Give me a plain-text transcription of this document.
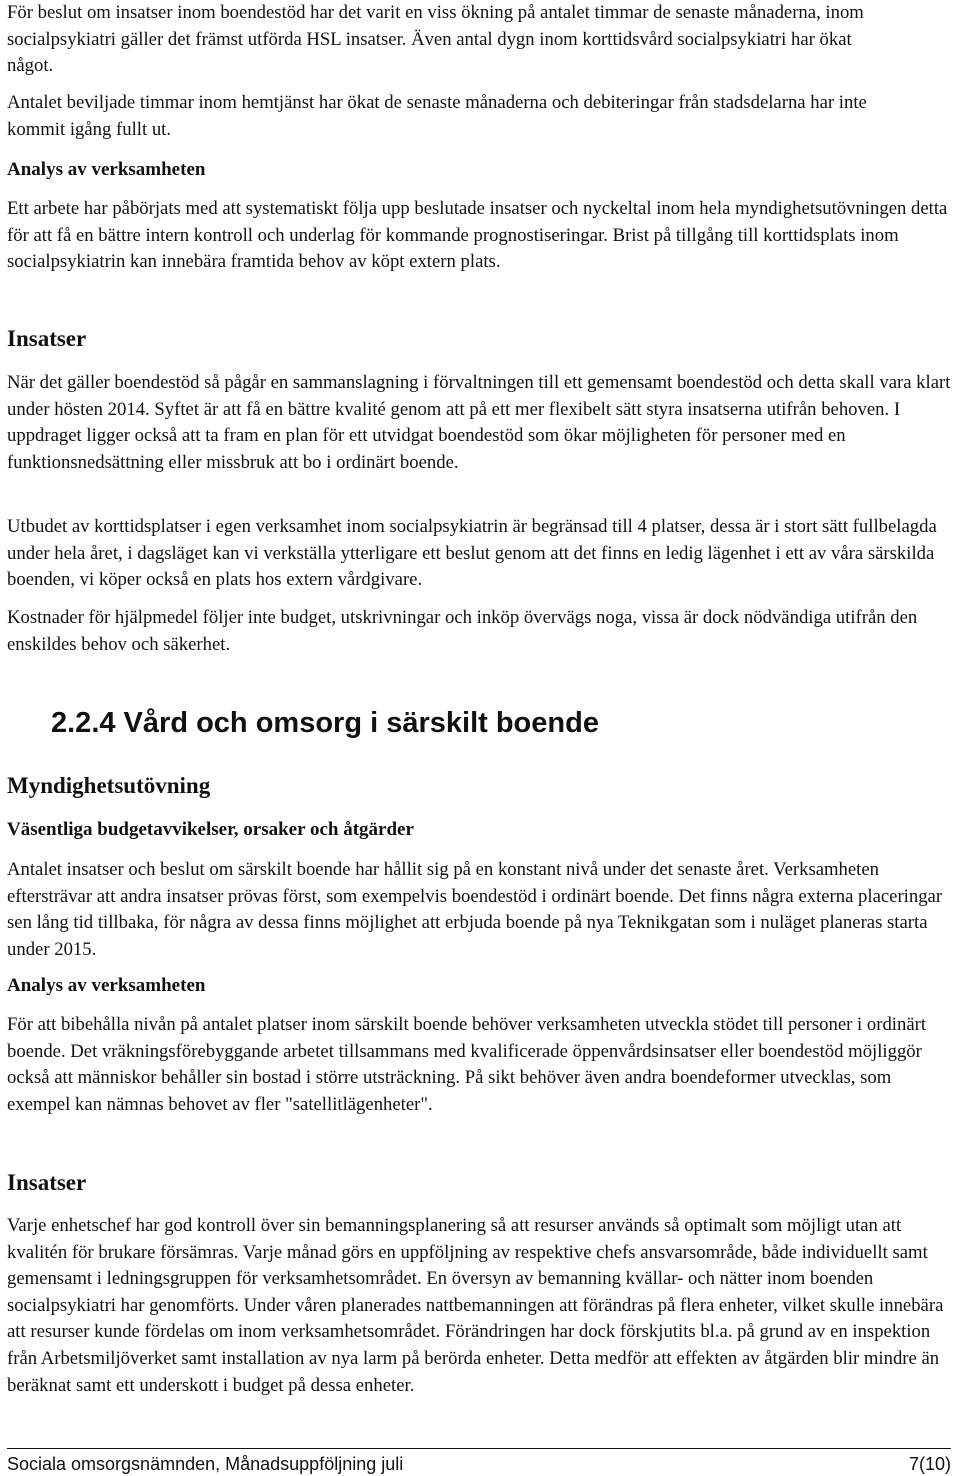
För beslut om insatser inom boendestöd har det varit en viss ökning på antalet timmar de senaste månaderna, inom socialpsykiatri gäller det främst utförda HSL insatser. Även antal dygn inom korttidsvård socialpsykiatri har ökat något.

Antalet beviljade timmar inom hemtjänst har ökat de senaste månaderna och debiteringar från stadsdelarna har inte kommit igång fullt ut.

Analys av verksamheten

Ett arbete har påbörjats med att systematiskt följa upp beslutade insatser och nyckeltal inom hela myndighetsutövningen detta för att få en bättre intern kontroll och underlag för kommande prognostiseringar. Brist på tillgång till korttidsplats inom socialpsykiatrin kan innebära framtida behov av köpt extern plats.

Insatser

När det gäller boendestöd så pågår en sammanslagning i förvaltningen till ett gemensamt boendestöd och detta skall vara klart under hösten 2014. Syftet är att få en bättre kvalité genom att på ett mer flexibelt sätt styra insatserna utifrån behoven. I uppdraget ligger också att ta fram en plan för ett utvidgat boendestöd som ökar möjligheten för personer med en funktionsnedsättning eller missbruk att bo i ordinärt boende.

Utbudet av korttidsplatser i egen verksamhet inom socialpsykiatrin är begränsad till 4 platser, dessa är i stort sätt fullbelagda under hela året, i dagsläget kan vi verkställa ytterligare ett beslut genom att det finns en ledig lägenhet i ett av våra särskilda boenden, vi köper också en plats hos extern vårdgivare.

Kostnader för hjälpmedel följer inte budget, utskrivningar och inköp övervägs noga, vissa är dock nödvändiga utifrån den enskildes behov och säkerhet.

2.2.4 Vård och omsorg i särskilt boende
Myndighetsutövning
Väsentliga budgetavvikelser, orsaker och åtgärder

Antalet insatser och beslut om särskilt boende har hållit sig på en konstant nivå under det senaste året. Verksamheten eftersträvar att andra insatser prövas först, som exempelvis boendestöd i ordinärt boende. Det finns några externa placeringar sen lång tid tillbaka, för några av dessa finns möjlighet att erbjuda boende på nya Teknikgatan som i nuläget planeras starta under 2015.

Analys av verksamheten

För att bibehålla nivån på antalet platser inom särskilt boende behöver verksamheten utveckla stödet till personer i ordinärt boende. Det vräkningsförebyggande arbetet tillsammans med kvalificerade öppenvårdsinsatser eller boendestöd möjliggör också att människor behåller sin bostad i större utsträckning. På sikt behöver även andra boendeformer utvecklas, som exempel kan nämnas behovet av fler "satellitlägenheter".

Insatser

Varje enhetschef har god kontroll över sin bemanningsplanering så att resurser används så optimalt som möjligt utan att kvalitén för brukare försämras. Varje månad görs en uppföljning av respektive chefs ansvarsområde, både individuellt samt gemensamt i ledningsgruppen för verksamhetsområdet. En översyn av bemanning kvällar- och nätter inom boenden socialpsykiatri har genomförts. Under våren planerades nattbemanningen att förändras på flera enheter, vilket skulle innebära att resurser kunde fördelas om inom verksamhetsområdet. Förändringen har dock förskjutits bl.a. på grund av en inspektion från Arbetsmiljöverket samt installation av nya larm på berörda enheter. Detta medför att effekten av åtgärden blir mindre än beräknat samt ett underskott i budget på dessa enheter.

Sociala omsorgsnämnden, Månadsuppföljning juli	7(10)
